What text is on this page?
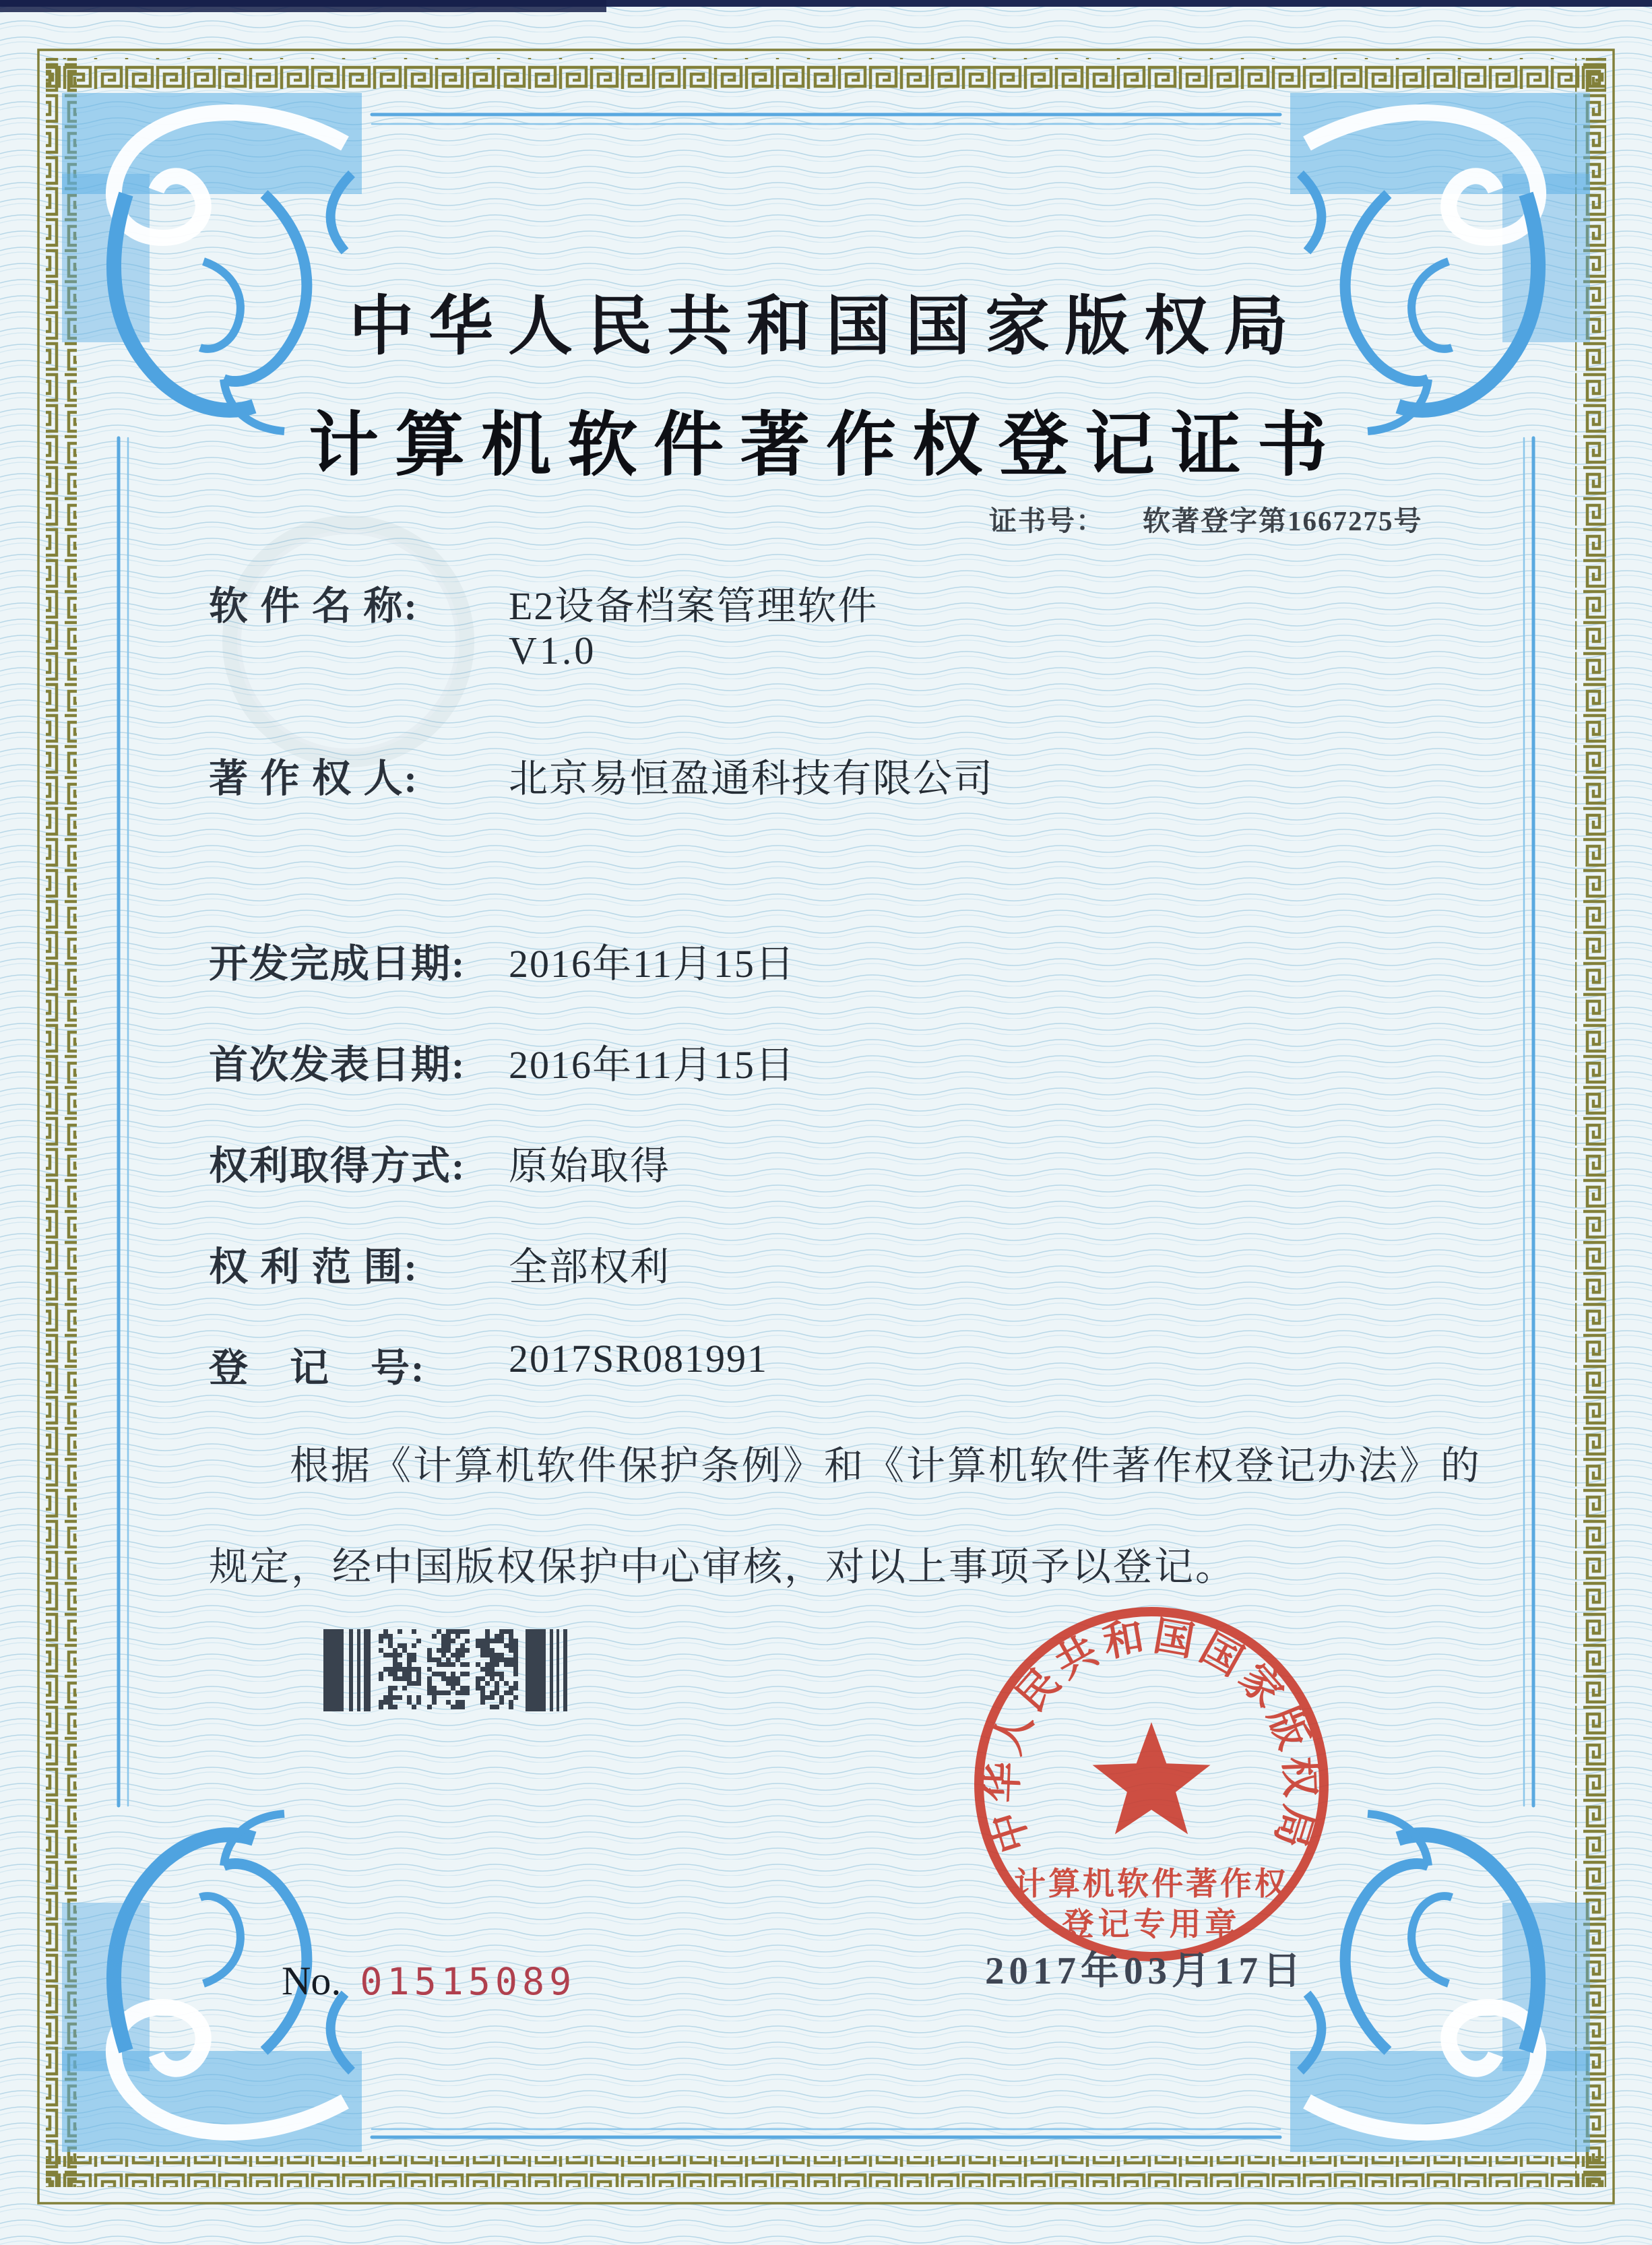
中华人民共和国国家版权局
计算机软件著作权登记证书
证书号： 软著登字第1667275号
软 件 名 称: E2设备档案管理软件
V1.0
著 作 权 人: 北京易恒盈通科技有限公司
开发完成日期: 2016年11月15日
首次发表日期: 2016年11月15日
权利取得方式: 原始取得
权 利 范 围: 全部权利
登　记　号: 2017SR081991
根据《计算机软件保护条例》和《计算机软件著作权登记办法》的
规定，经中国版权保护中心审核，对以上事项予以登记。
中华人民共和国国家版权局
计算机软件著作权
登记专用章
2017年03月17日
No. 01515089
